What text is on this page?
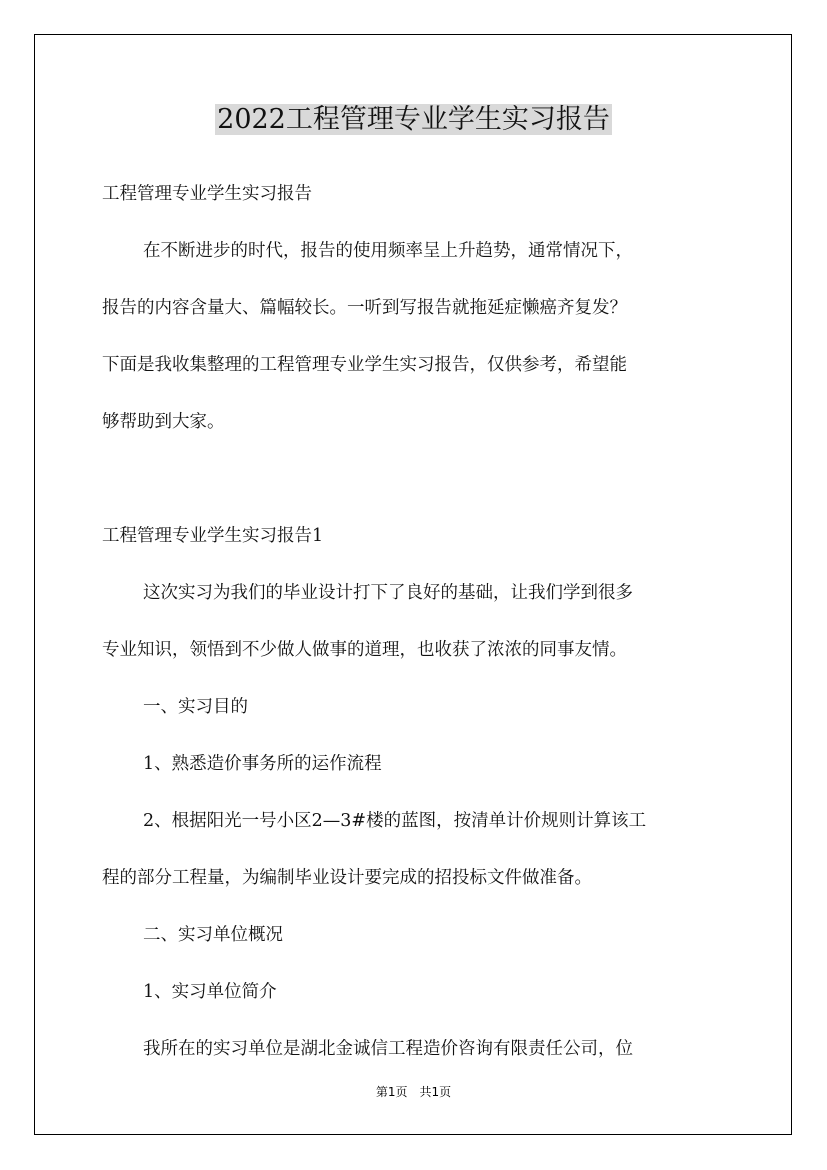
2022工程管理专业学生实习报告

工程管理专业学生实习报告

在不断进步的时代，报告的使用频率呈上升趋势，通常情况下，

报告的内容含量大、篇幅较长。一听到写报告就拖延症懒癌齐复发？

下面是我收集整理的工程管理专业学生实习报告，仅供参考，希望能

够帮助到大家。

工程管理专业学生实习报告1

这次实习为我们的毕业设计打下了良好的基础，让我们学到很多

专业知识，领悟到不少做人做事的道理，也收获了浓浓的同事友情。

一、实习目的

1、熟悉造价事务所的运作流程

2、根据阳光一号小区2—3#楼的蓝图，按清单计价规则计算该工

程的部分工程量，为编制毕业设计要完成的招投标文件做准备。

二、实习单位概况

1、实习单位简介

我所在的实习单位是湖北金诚信工程造价咨询有限责任公司，位

第1页　共1页
